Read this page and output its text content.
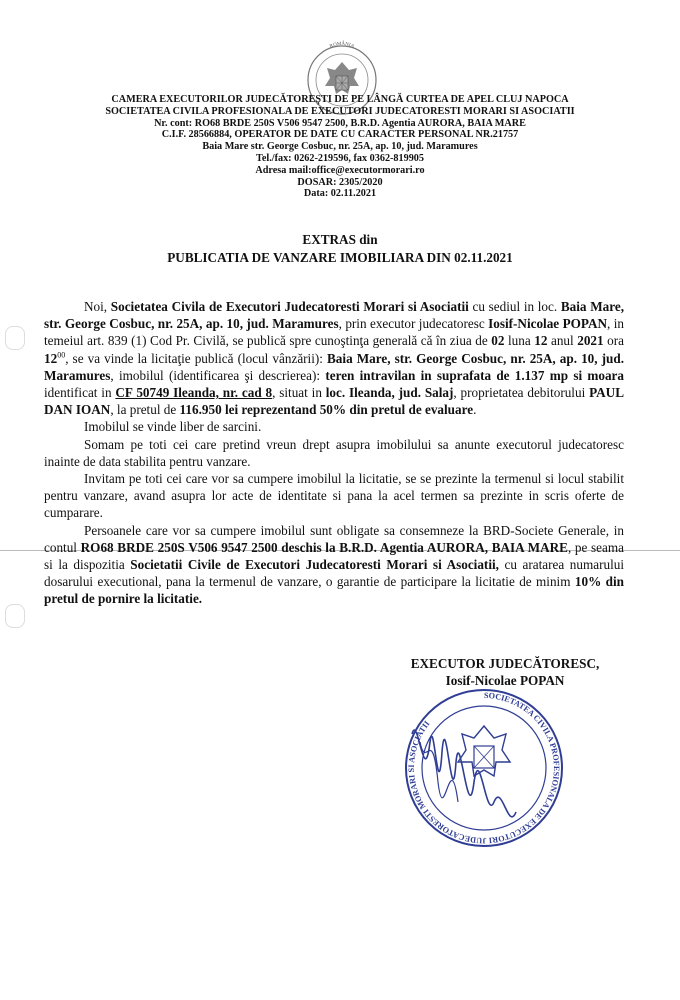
ROMÂNIA
CAMERA EXECUTORILOR JUDECĂTOREŞTI DE PE LÂNGĂ CURTEA DE APEL CLUJ NAPOCA
SOCIETATEA CIVILA PROFESIONALA DE EXECUTORI JUDECATORESTI MORARI SI ASOCIATII
Nr. cont: RO68 BRDE 250S V506 9547 2500, B.R.D. Agentia AURORA, BAIA MARE
C.I.F. 28566884, OPERATOR DE DATE CU CARACTER PERSONAL NR.21757
Baia Mare str. George Cosbuc, nr. 25A, ap. 10, jud. Maramures
Tel./fax: 0262-219596, fax 0362-819905
Adresa mail:office@executormorari.ro
DOSAR: 2305/2020
Data: 02.11.2021
EXTRAS din
PUBLICATIA DE VANZARE IMOBILIARA DIN 02.11.2021

Noi, Societatea Civila de Executori Judecatoresti Morari si Asociatii cu sediul in loc. Baia Mare, str. George Cosbuc, nr. 25A, ap. 10, jud. Maramures, prin executor judecatoresc Iosif-Nicolae POPAN, in temeiul art. 839 (1) Cod Pr. Civilă, se publică spre cunoştinţa generală că în ziua de 02 luna 12 anul 2021 ora $12^{00}$, se va vinde la licitaţie publică (locul vânzării): Baia Mare, str. George Cosbuc, nr. 25A, ap. 10, jud. Maramures, imobilul (identificarea şi descrierea): teren intravilan in suprafata de 1.137 mp si moara identificat in CF 50749 Ileanda, nr. cad 8, situat in loc. Ileanda, jud. Salaj, proprietatea debitorului PAUL DAN IOAN, la pretul de 116.950 lei reprezentand 50% din pretul de evaluare.

Imobilul se vinde liber de sarcini.

Somam pe toti cei care pretind vreun drept asupra imobilului sa anunte executorul judecatoresc inainte de data stabilita pentru vanzare.

Invitam pe toti cei care vor sa cumpere imobilul la licitatie, se se prezinte la termenul si locul stabilit pentru vanzare, avand asupra lor acte de identitate si pana la acel termen sa prezinte in scris oferte de cumparare.

Persoanele care vor sa cumpere imobilul sunt obligate sa consemneze la BRD-Societe Generale, in contul RO68 BRDE 250S V506 9547 2500 deschis la B.R.D. Agentia AURORA, BAIA MARE, pe seama si la dispozitia Societatii Civile de Executori Judecatoresti Morari si Asociatii, cu aratarea numarului dosarului executional, pana la termenul de vanzare, o garantie de participare la licitatie de minim 10% din pretul de pornire la licitatie.

EXECUTOR JUDECĂTORESC,
Iosif-Nicolae POPAN
SOCIETATEA CIVILA PROFESIONALA DE EXECUTORI JUDECATORESTI MORARI SI ASOCIATII
